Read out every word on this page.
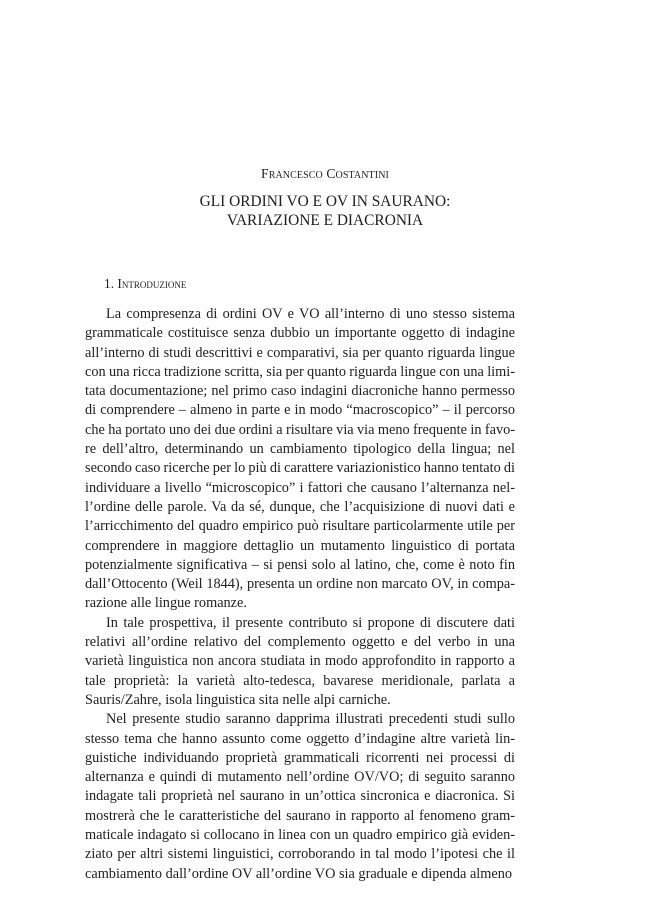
Francesco Costantini
GLI ORDINI VO E OV IN SAURANO:
VARIAZIONE E DIACRONIA
1. Introduzione
La compresenza di ordini OV e VO all’interno di uno stesso sistema
grammaticale costituisce senza dubbio un importante oggetto di indagine
all’interno di studi descrittivi e comparativi, sia per quanto riguarda lingue
con una ricca tradizione scritta, sia per quanto riguarda lingue con una limi-
tata documentazione; nel primo caso indagini diacroniche hanno permesso
di comprendere – almeno in parte e in modo “macroscopico” – il percorso
che ha portato uno dei due ordini a risultare via via meno frequente in favo-
re dell’altro, determinando un cambiamento tipologico della lingua; nel
secondo caso ricerche per lo più di carattere variazionistico hanno tentato di
individuare a livello “microscopico” i fattori che causano l’alternanza nel-
l’ordine delle parole. Va da sé, dunque, che l’acquisizione di nuovi dati e
l’arricchimento del quadro empirico può risultare particolarmente utile per
comprendere in maggiore dettaglio un mutamento linguistico di portata
potenzialmente significativa – si pensi solo al latino, che, come è noto fin
dall’Ottocento (Weil 1844), presenta un ordine non marcato OV, in compa-
razione alle lingue romanze.
In tale prospettiva, il presente contributo si propone di discutere dati
relativi all’ordine relativo del complemento oggetto e del verbo in una
varietà linguistica non ancora studiata in modo approfondito in rapporto a
tale proprietà: la varietà alto-tedesca, bavarese meridionale, parlata a
Sauris/Zahre, isola linguistica sita nelle alpi carniche.
Nel presente studio saranno dapprima illustrati precedenti studi sullo
stesso tema che hanno assunto come oggetto d’indagine altre varietà lin-
guistiche individuando proprietà grammaticali ricorrenti nei processi di
alternanza e quindi di mutamento nell’ordine OV/VO; di seguito saranno
indagate tali proprietà nel saurano in un’ottica sincronica e diacronica. Si
mostrerà che le caratteristiche del saurano in rapporto al fenomeno gram-
maticale indagato si collocano in linea con un quadro empirico già eviden-
ziato per altri sistemi linguistici, corroborando in tal modo l’ipotesi che il
cambiamento dall’ordine OV all’ordine VO sia graduale e dipenda almeno
